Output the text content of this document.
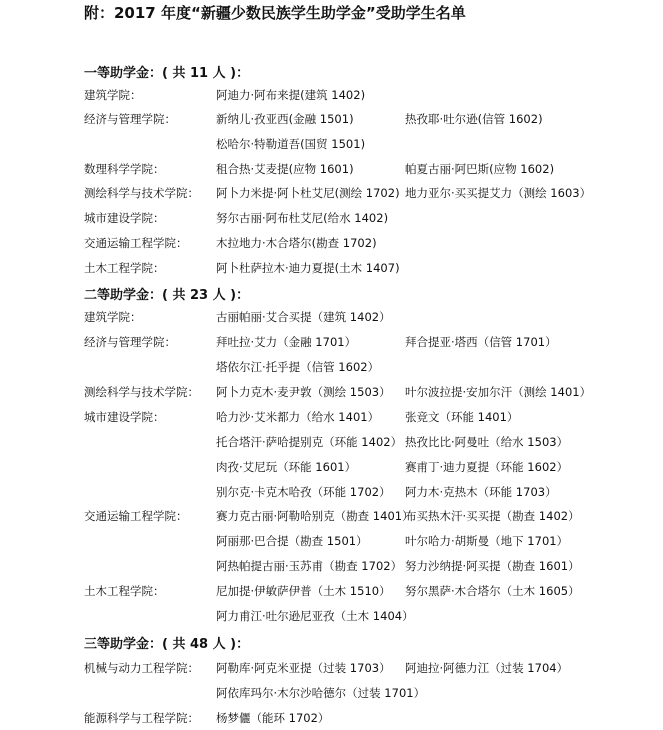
附：2017 年度“新疆少数民族学生助学金”受助学生名单
一等助学金：( 共 11 人 )：
建筑学院：	阿迪力·阿布来提(建筑 1402)
经济与管理学院：	新纳儿·孜亚西(金融 1501)	热孜耶·吐尔逊(信管 1602)
松哈尔·特勒道吾(国贸 1501)
数理科学学院：	租合热·艾麦提(应物 1601)	帕夏古丽·阿巴斯(应物 1602)
测绘科学与技术学院： 阿卜力米提·阿卜杜艾尼(测绘 1702) 地力亚尔·买买提艾力（测绘 1603）
城市建设学院：	努尔古丽·阿布杜艾尼(给水 1402)
交通运输工程学院： 木拉地力·木合塔尔(勘查 1702)
土木工程学院：	阿卜杜萨拉木·迪力夏提(土木 1407)
二等助学金：( 共 23 人 )：
建筑学院：	古丽帕丽·艾合买提（建筑 1402）
经济与管理学院：	拜吐拉·艾力（金融 1701）	拜合提亚·塔西（信管 1701）
塔依尔江·托乎提（信管 1602）
测绘科学与技术学院： 阿卜力克木·麦尹敦（测绘 1503） 叶尔波拉提·安加尔汗（测绘 1401）
城市建设学院：	哈力沙·艾米都力（给水 1401） 张竞文（环能 1401）
托合塔汗·萨哈提别克（环能 1402） 热孜比比·阿曼吐（给水 1503）
肉孜·艾尼玩（环能 1601）	赛甫丁·迪力夏提（环能 1602）
别尔克·卡克木哈孜（环能 1702） 阿力木·克热木（环能 1703）
交通运输工程学院： 赛力克古丽·阿勒哈别克（勘查 1401）
布买热木汗·买买提（勘查 1402）
阿丽那·巴合提（勘查 1501）	叶尔哈力·胡斯曼（地下 1701）
阿热帕提古丽·玉苏甫（勘查 1702） 努力沙纳提·阿买提（勘查 1601）
土木工程学院：	尼加提·伊敏萨伊普（土木 1510） 努尔黑萨·木合塔尔（土木 1605）
阿力甫江·吐尔逊尼亚孜（土木 1404）
三等助学金：( 共 48 人 )：
机械与动力工程学院： 阿勒库·阿克米亚提（过装 1703） 阿迪拉·阿德力江（过装 1704）
阿依库玛尔·木尔沙哈德尔（过装 1701）
能源科学与工程学院： 杨梦儷（能环 1702）
